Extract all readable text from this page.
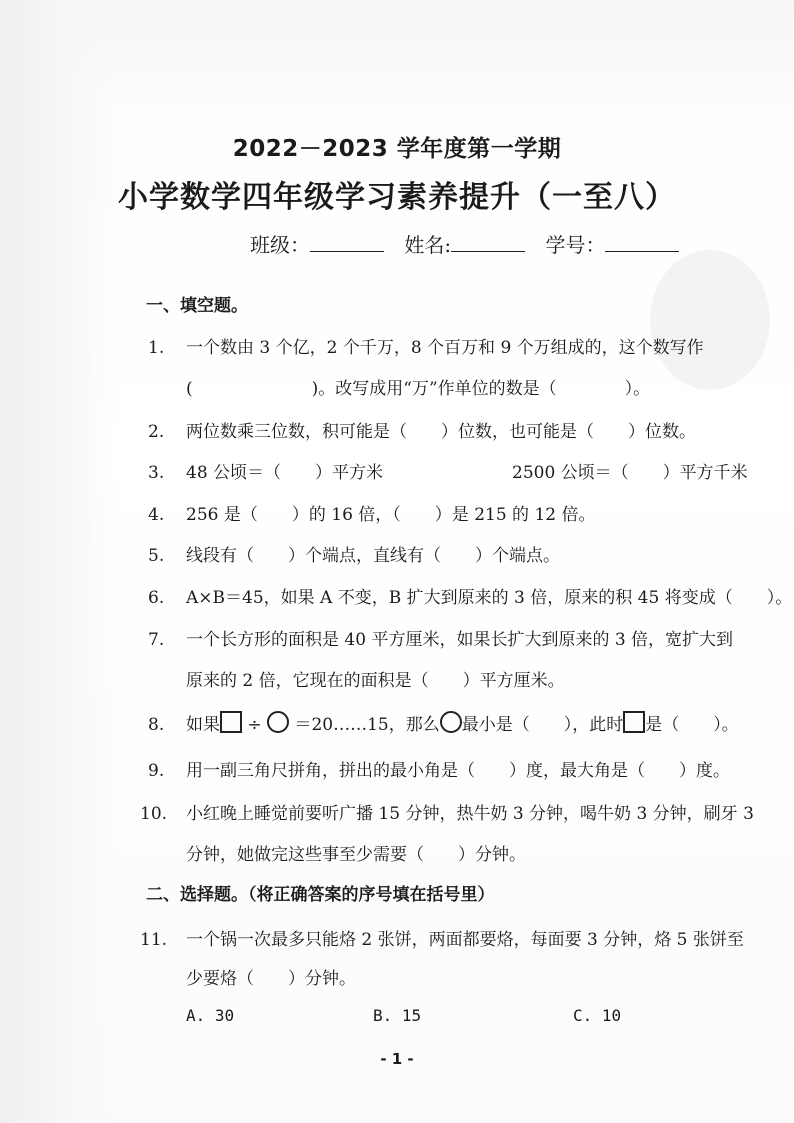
2022－2023 学年度第一学期
小学数学四年级学习素养提升（一至八）
班级：	姓名:	学号：
一、填空题。
1. 一个数由 3 个亿，2 个千万，8 个百万和 9 个万组成的，这个数写作
(　　　　　　　)。改写成用“万”作单位的数是（　　　　）。
2. 两位数乘三位数，积可能是（　　）位数，也可能是（　　）位数。
3. 48 公顷＝（　　）平方米	2500 公顷＝（　　）平方千米
4. 256 是（　　）的 16 倍，（　　）是 215 的 12 倍。
5. 线段有（　　）个端点，直线有（　　）个端点。
6. A×B＝45，如果 A 不变，B 扩大到原来的 3 倍，原来的积 45 将变成（　　）。
7. 一个长方形的面积是 40 平方厘米，如果长扩大到原来的 3 倍，宽扩大到
原来的 2 倍，它现在的面积是（　　）平方厘米。
8. 如果 ÷ ＝20……15，那么 最小是（　　），此时 是（　　）。
9. 用一副三角尺拼角，拼出的最小角是（　　）度，最大角是（　　）度。
10. 小红晚上睡觉前要听广播 15 分钟，热牛奶 3 分钟，喝牛奶 3 分钟，刷牙 3
分钟，她做完这些事至少需要（　　）分钟。
二、选择题。（将正确答案的序号填在括号里）
11. 一个锅一次最多只能烙 2 张饼，两面都要烙，每面要 3 分钟，烙 5 张饼至
少要烙（　　）分钟。
A. 30	B. 15	C. 10
- 1 -
